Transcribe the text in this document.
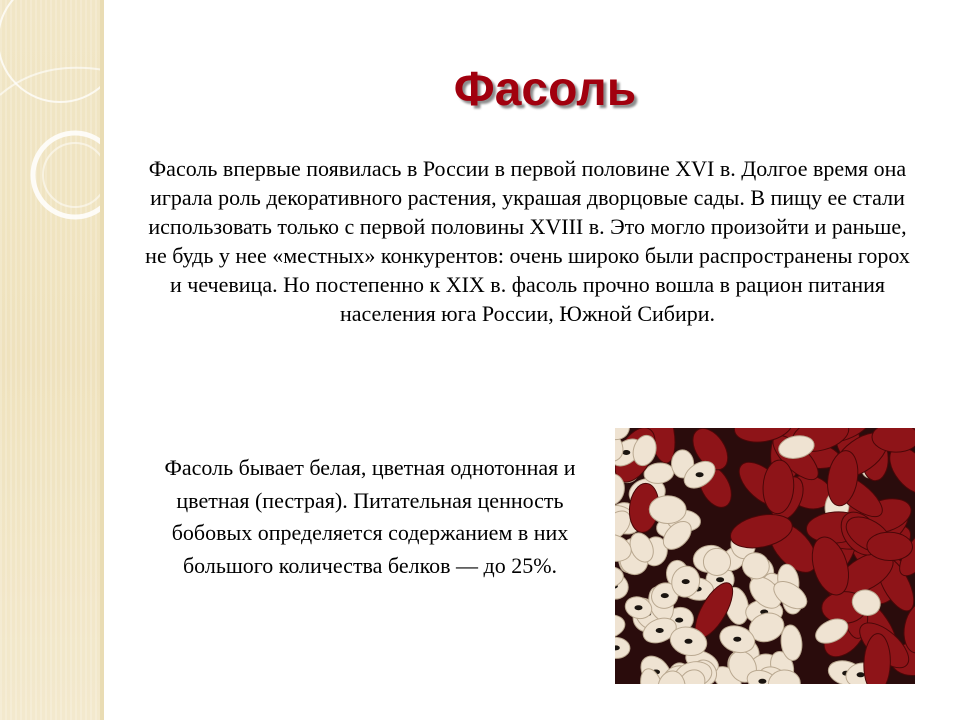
Фасоль

Фасоль впервые появилась в России в первой половине XVI в. Долгое время она играла роль декоративного растения, украшая дворцовые сады. В пищу ее стали использовать только с первой половины XVIII в. Это могло произойти и раньше, не будь у нее «местных» конкурентов: очень широко были распространены горох и чечевица. Но постепенно к XIX в. фасоль прочно вошла в рацион питания населения юга России, Южной Сибири.

Фасоль бывает белая, цветная однотонная и цветная (пестрая). Питательная ценность бобовых определяется содержанием в них большого количества белков — до 25%.
